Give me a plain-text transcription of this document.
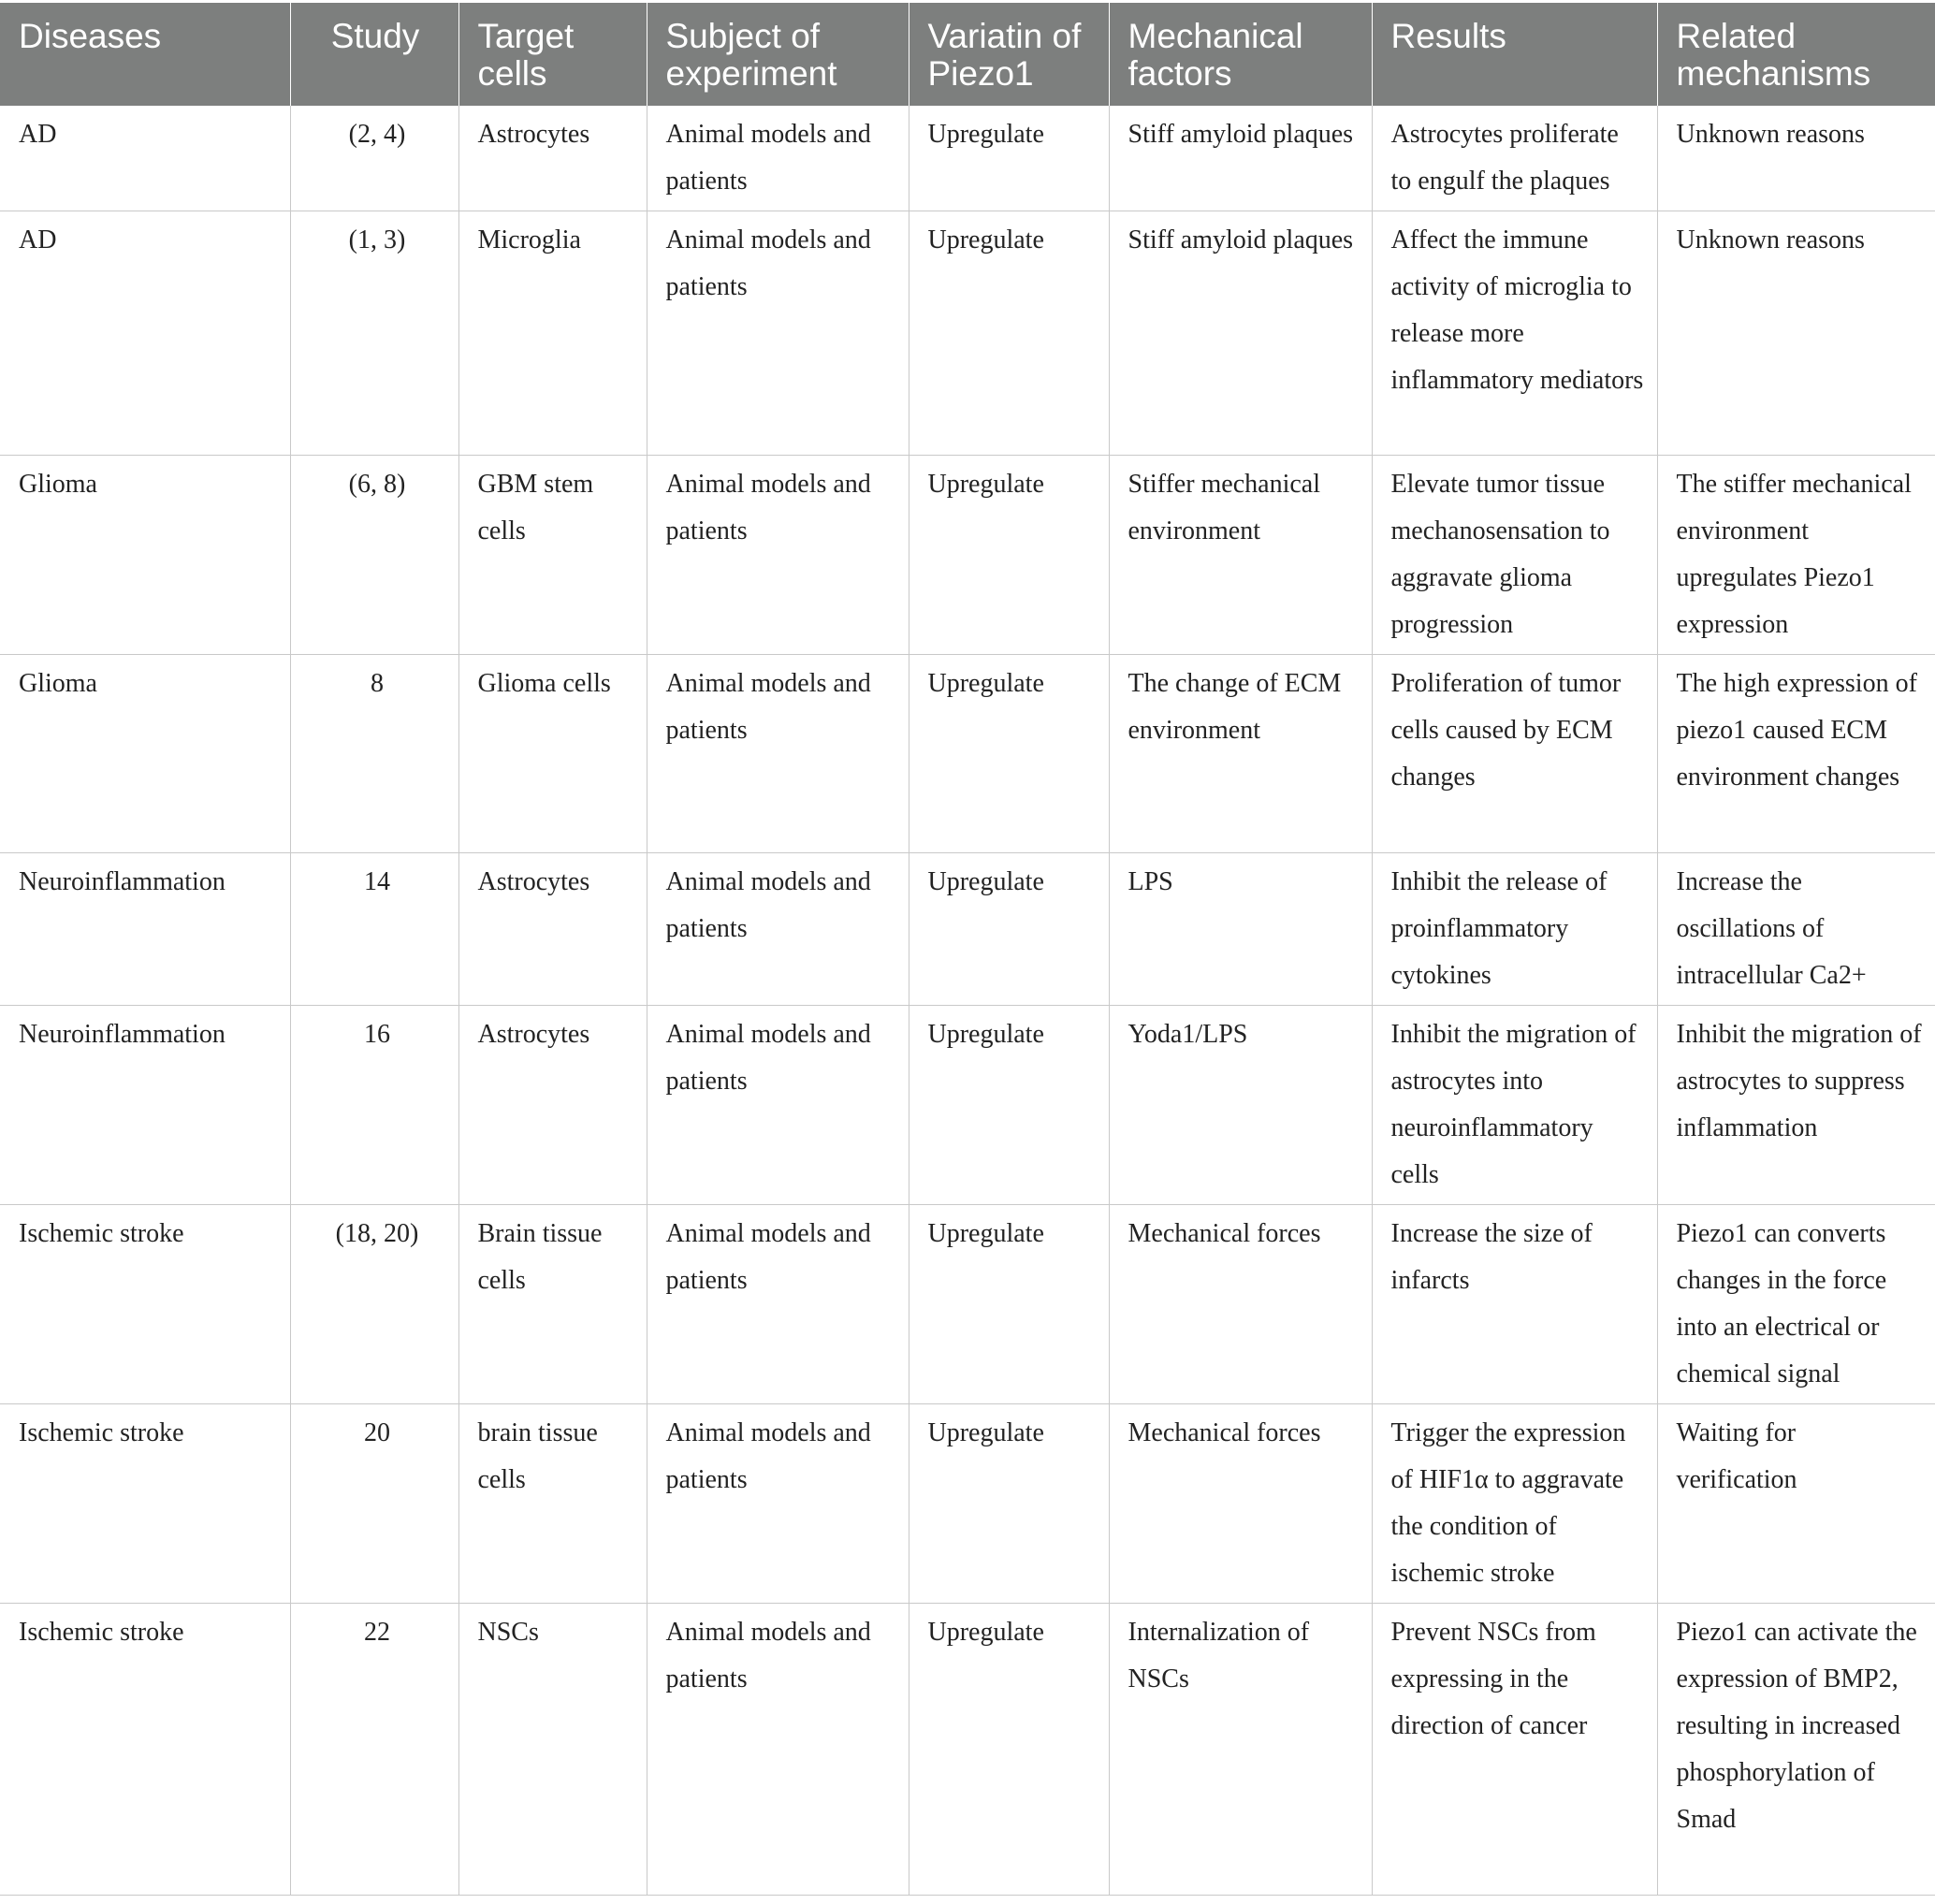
Diseases	Study	Target cells	Subject of experiment	Variatin of Piezo1	Mechanical factors	Results	Related mechanisms
AD	(2, 4)	Astrocytes	Animal models and patients	Upregulate	Stiff amyloid plaques	Astrocytes proliferate to engulf the plaques	Unknown reasons
AD	(1, 3)	Microglia	Animal models and patients	Upregulate	Stiff amyloid plaques	Affect the immune activity of microglia to release more inflammatory mediators	Unknown reasons
Glioma	(6, 8)	GBM stem cells	Animal models and patients	Upregulate	Stiffer mechanical environment	Elevate tumor tissue mechanosensation to aggravate glioma progression	The stiffer mechanical environment upregulates Piezo1 expression
Glioma	8	Glioma cells	Animal models and patients	Upregulate	The change of ECM environment	Proliferation of tumor cells caused by ECM changes	The high expression of piezo1 caused ECM environment changes
Neuroinflammation	14	Astrocytes	Animal models and patients	Upregulate	LPS	Inhibit the release of proinflammatory cytokines	Increase the oscillations of intracellular Ca2+
Neuroinflammation	16	Astrocytes	Animal models and patients	Upregulate	Yoda1/LPS	Inhibit the migration of astrocytes into neuroinflammatory cells	Inhibit the migration of astrocytes to suppress inflammation
Ischemic stroke	(18, 20)	Brain tissue cells	Animal models and patients	Upregulate	Mechanical forces	Increase the size of infarcts	Piezo1 can converts changes in the force into an electrical or chemical signal
Ischemic stroke	20	brain tissue cells	Animal models and patients	Upregulate	Mechanical forces	Trigger the expression of HIF1α to aggravate the condition of ischemic stroke	Waiting for verification
Ischemic stroke	22	NSCs	Animal models and patients	Upregulate	Internalization of NSCs	Prevent NSCs from expressing in the direction of cancer	Piezo1 can activate the expression of BMP2, resulting in increased phosphorylation of Smad
